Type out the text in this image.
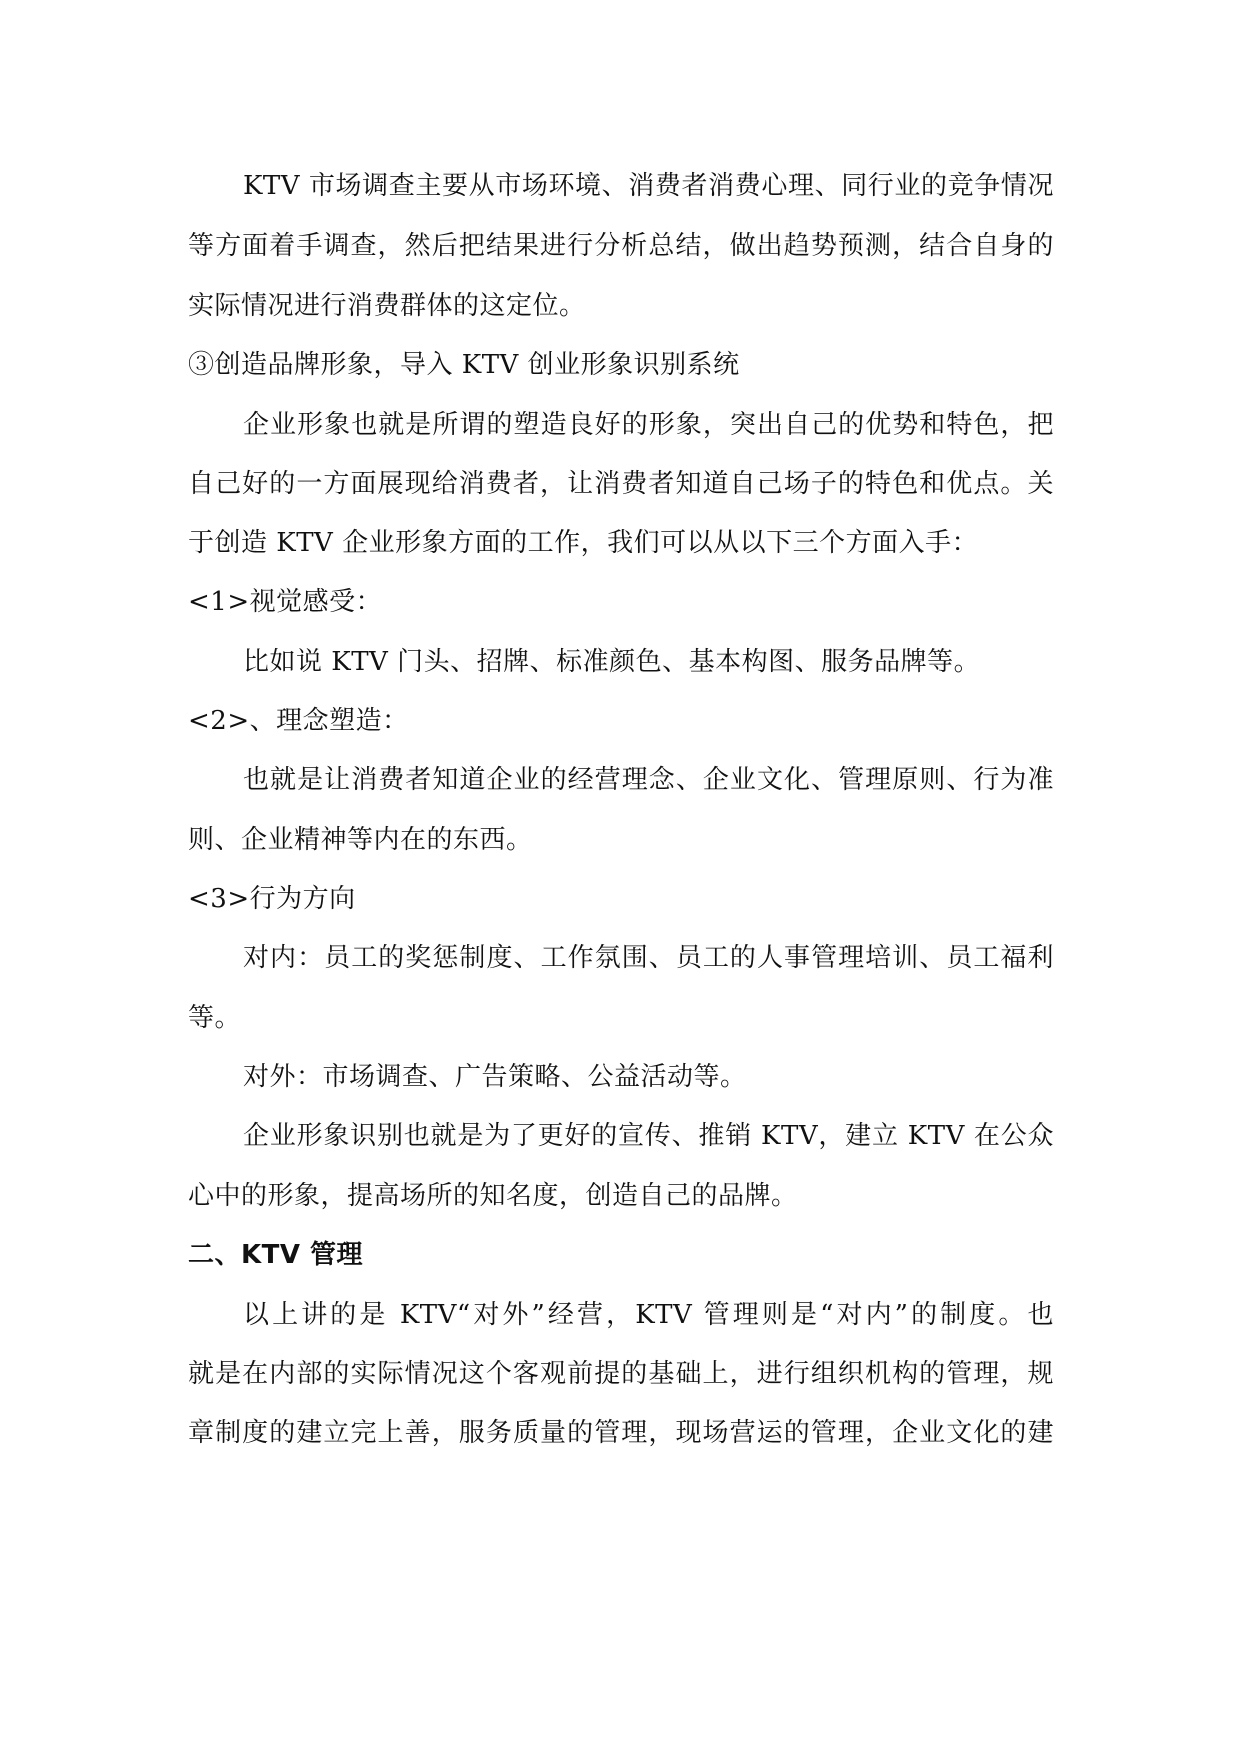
KTV 市场调查主要从市场环境、消费者消费心理、同行业的竞争情况
等方面着手调查，然后把结果进行分析总结，做出趋势预测，结合自身的
实际情况进行消费群体的这定位。
③创造品牌形象，导入 KTV 创业形象识别系统
企业形象也就是所谓的塑造良好的形象，突出自己的优势和特色，把
自己好的一方面展现给消费者，让消费者知道自己场子的特色和优点。关
于创造 KTV 企业形象方面的工作，我们可以从以下三个方面入手：
<1>视觉感受：
比如说 KTV 门头、招牌、标准颜色、基本构图、服务品牌等。
<2>、理念塑造：
也就是让消费者知道企业的经营理念、企业文化、管理原则、行为准
则、企业精神等内在的东西。
<3>行为方向
对内：员工的奖惩制度、工作氛围、员工的人事管理培训、员工福利
等。
对外：市场调查、广告策略、公益活动等。
企业形象识别也就是为了更好的宣传、推销 KTV，建立 KTV 在公众
心中的形象，提高场所的知名度，创造自己的品牌。
二、KTV 管理
以上讲的是 KTV“对外”经营，KTV 管理则是“对内”的制度。也
就是在内部的实际情况这个客观前提的基础上，进行组织机构的管理，规
章制度的建立完上善，服务质量的管理，现场营运的管理，企业文化的建
